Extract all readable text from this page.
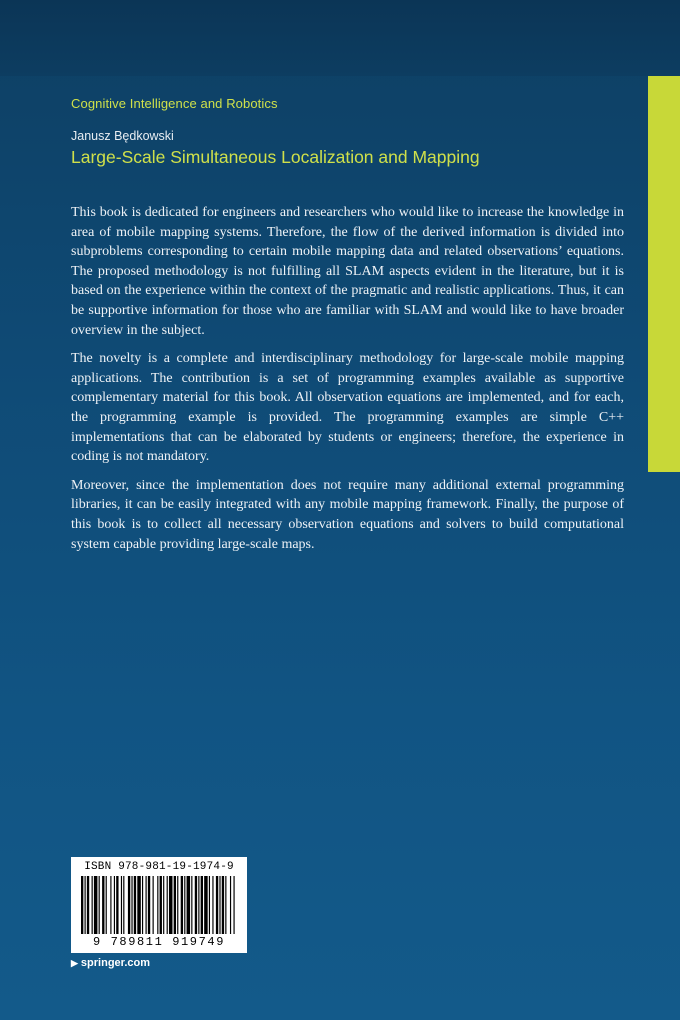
Cognitive Intelligence and Robotics
Janusz Będkowski
Large-Scale Simultaneous Localization and Mapping

This book is dedicated for engineers and researchers who would like to increase the knowledge in area of mobile mapping systems. Therefore, the flow of the derived information is divided into subproblems corresponding to certain mobile mapping data and related observations’ equations. The proposed methodology is not fulfilling all SLAM aspects evident in the literature, but it is based on the experience within the context of the pragmatic and realistic applications. Thus, it can be supportive information for those who are familiar with SLAM and would like to have broader overview in the subject.

The novelty is a complete and interdisciplinary methodology for large-scale mobile mapping applications. The contribution is a set of programming examples available as supportive complementary material for this book. All observation equations are implemented, and for each, the programming example is provided. The programming examples are simple C++ implementations that can be elaborated by students or engineers; therefore, the experience in coding is not mandatory.

Moreover, since the implementation does not require many additional external programming libraries, it can be easily integrated with any mobile mapping framework. Finally, the purpose of this book is to collect all necessary observation equations and solvers to build computational system capable providing large-scale maps.

ISBN 978-981-19-1974-9
9 789811 919749
▶ springer.com
